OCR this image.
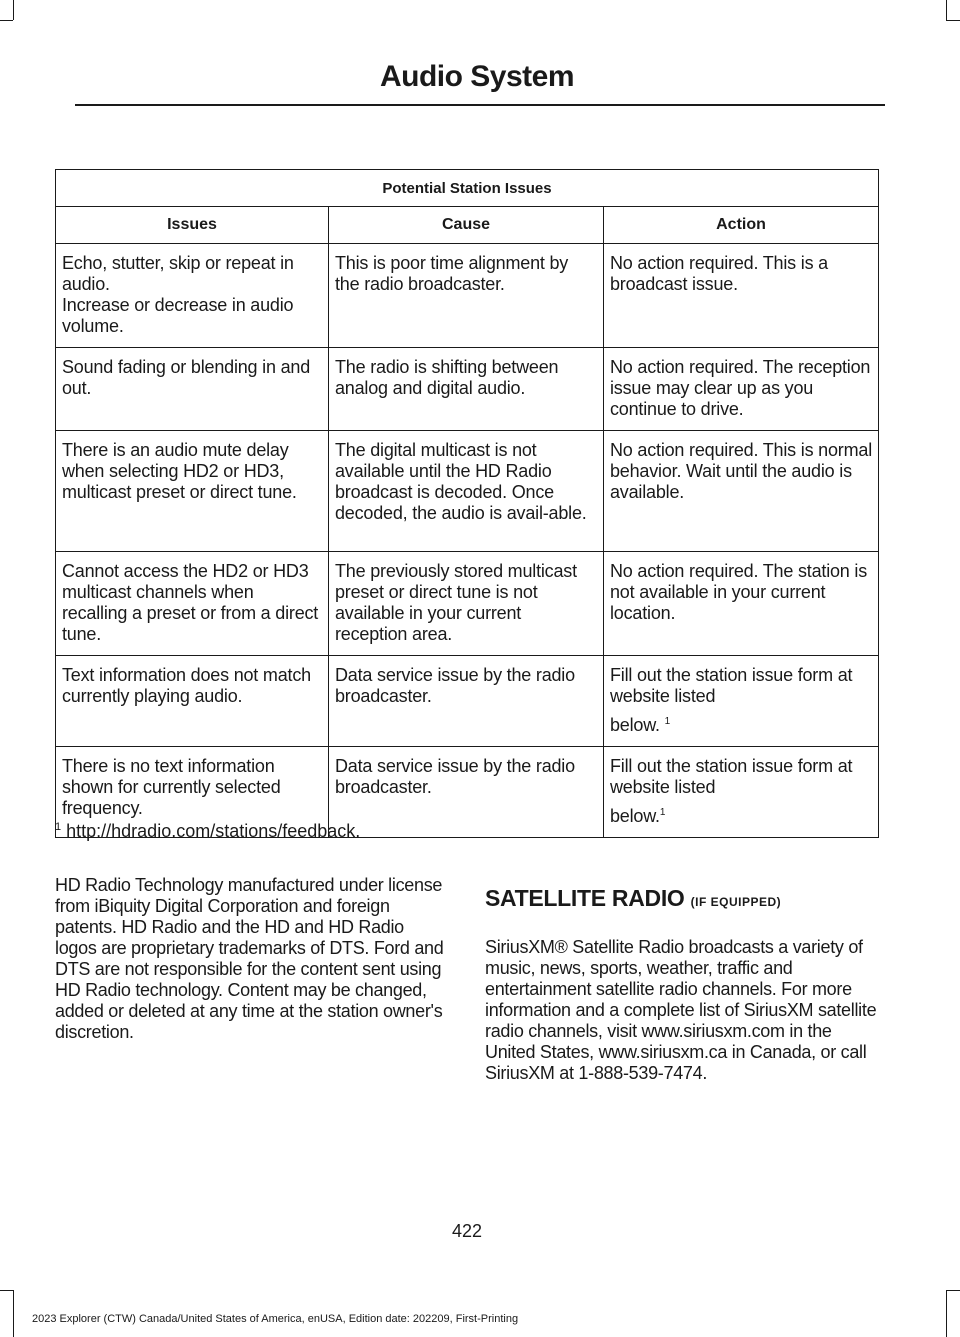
Audio System
Potential Station Issues		
Issues	Cause	Action

Echo, stutter, skip or repeat in audio.
Increase or decrease in audio volume.	This is poor time alignment by the radio broadcaster.	No action required. This is a broadcast issue.
Sound fading or blending in and out.	The radio is shifting between analog and digital audio.	No action required. The reception issue may clear up as you continue to drive.
There is an audio mute delay when selecting HD2 or HD3, multicast preset or direct tune.	The digital multicast is not available until the HD Radio broadcast is decoded. Once decoded, the audio is avail-able.	No action required. This is normal behavior. Wait until the audio is available.
Cannot access the HD2 or HD3 multicast channels when recalling a preset or from a direct tune.	The previously stored multicast preset or direct tune is not available in your current reception area.	No action required. The station is not available in your current location.
Text information does not match currently playing audio.	Data service issue by the radio broadcaster.	Fill out the station issue form at website listed
below. $^1$

There is no text information shown for currently selected frequency.	Data service issue by the radio broadcaster.	Fill out the station issue form at website listed
below.$^1$
$^1$ http://hdradio.com/stations/feedback.
HD Radio Technology manufactured under license from iBiquity Digital Corporation and foreign patents. HD Radio and the HD and HD Radio logos are proprietary trademarks of DTS. Ford and DTS are not responsible for the content sent using HD Radio technology. Content may be changed, added or deleted at any time at the station owner's discretion.
SATELLITE RADIO (IF EQUIPPED)
SiriusXM® Satellite Radio broadcasts a variety of music, news, sports, weather, traffic and entertainment satellite radio channels. For more information and a complete list of SiriusXM satellite radio channels, visit www.siriusxm.com in the United States, www.siriusxm.ca in Canada, or call SiriusXM at 1-888-539-7474.
422
2023 Explorer (CTW) Canada/United States of America, enUSA, Edition date: 202209, First-Printing
